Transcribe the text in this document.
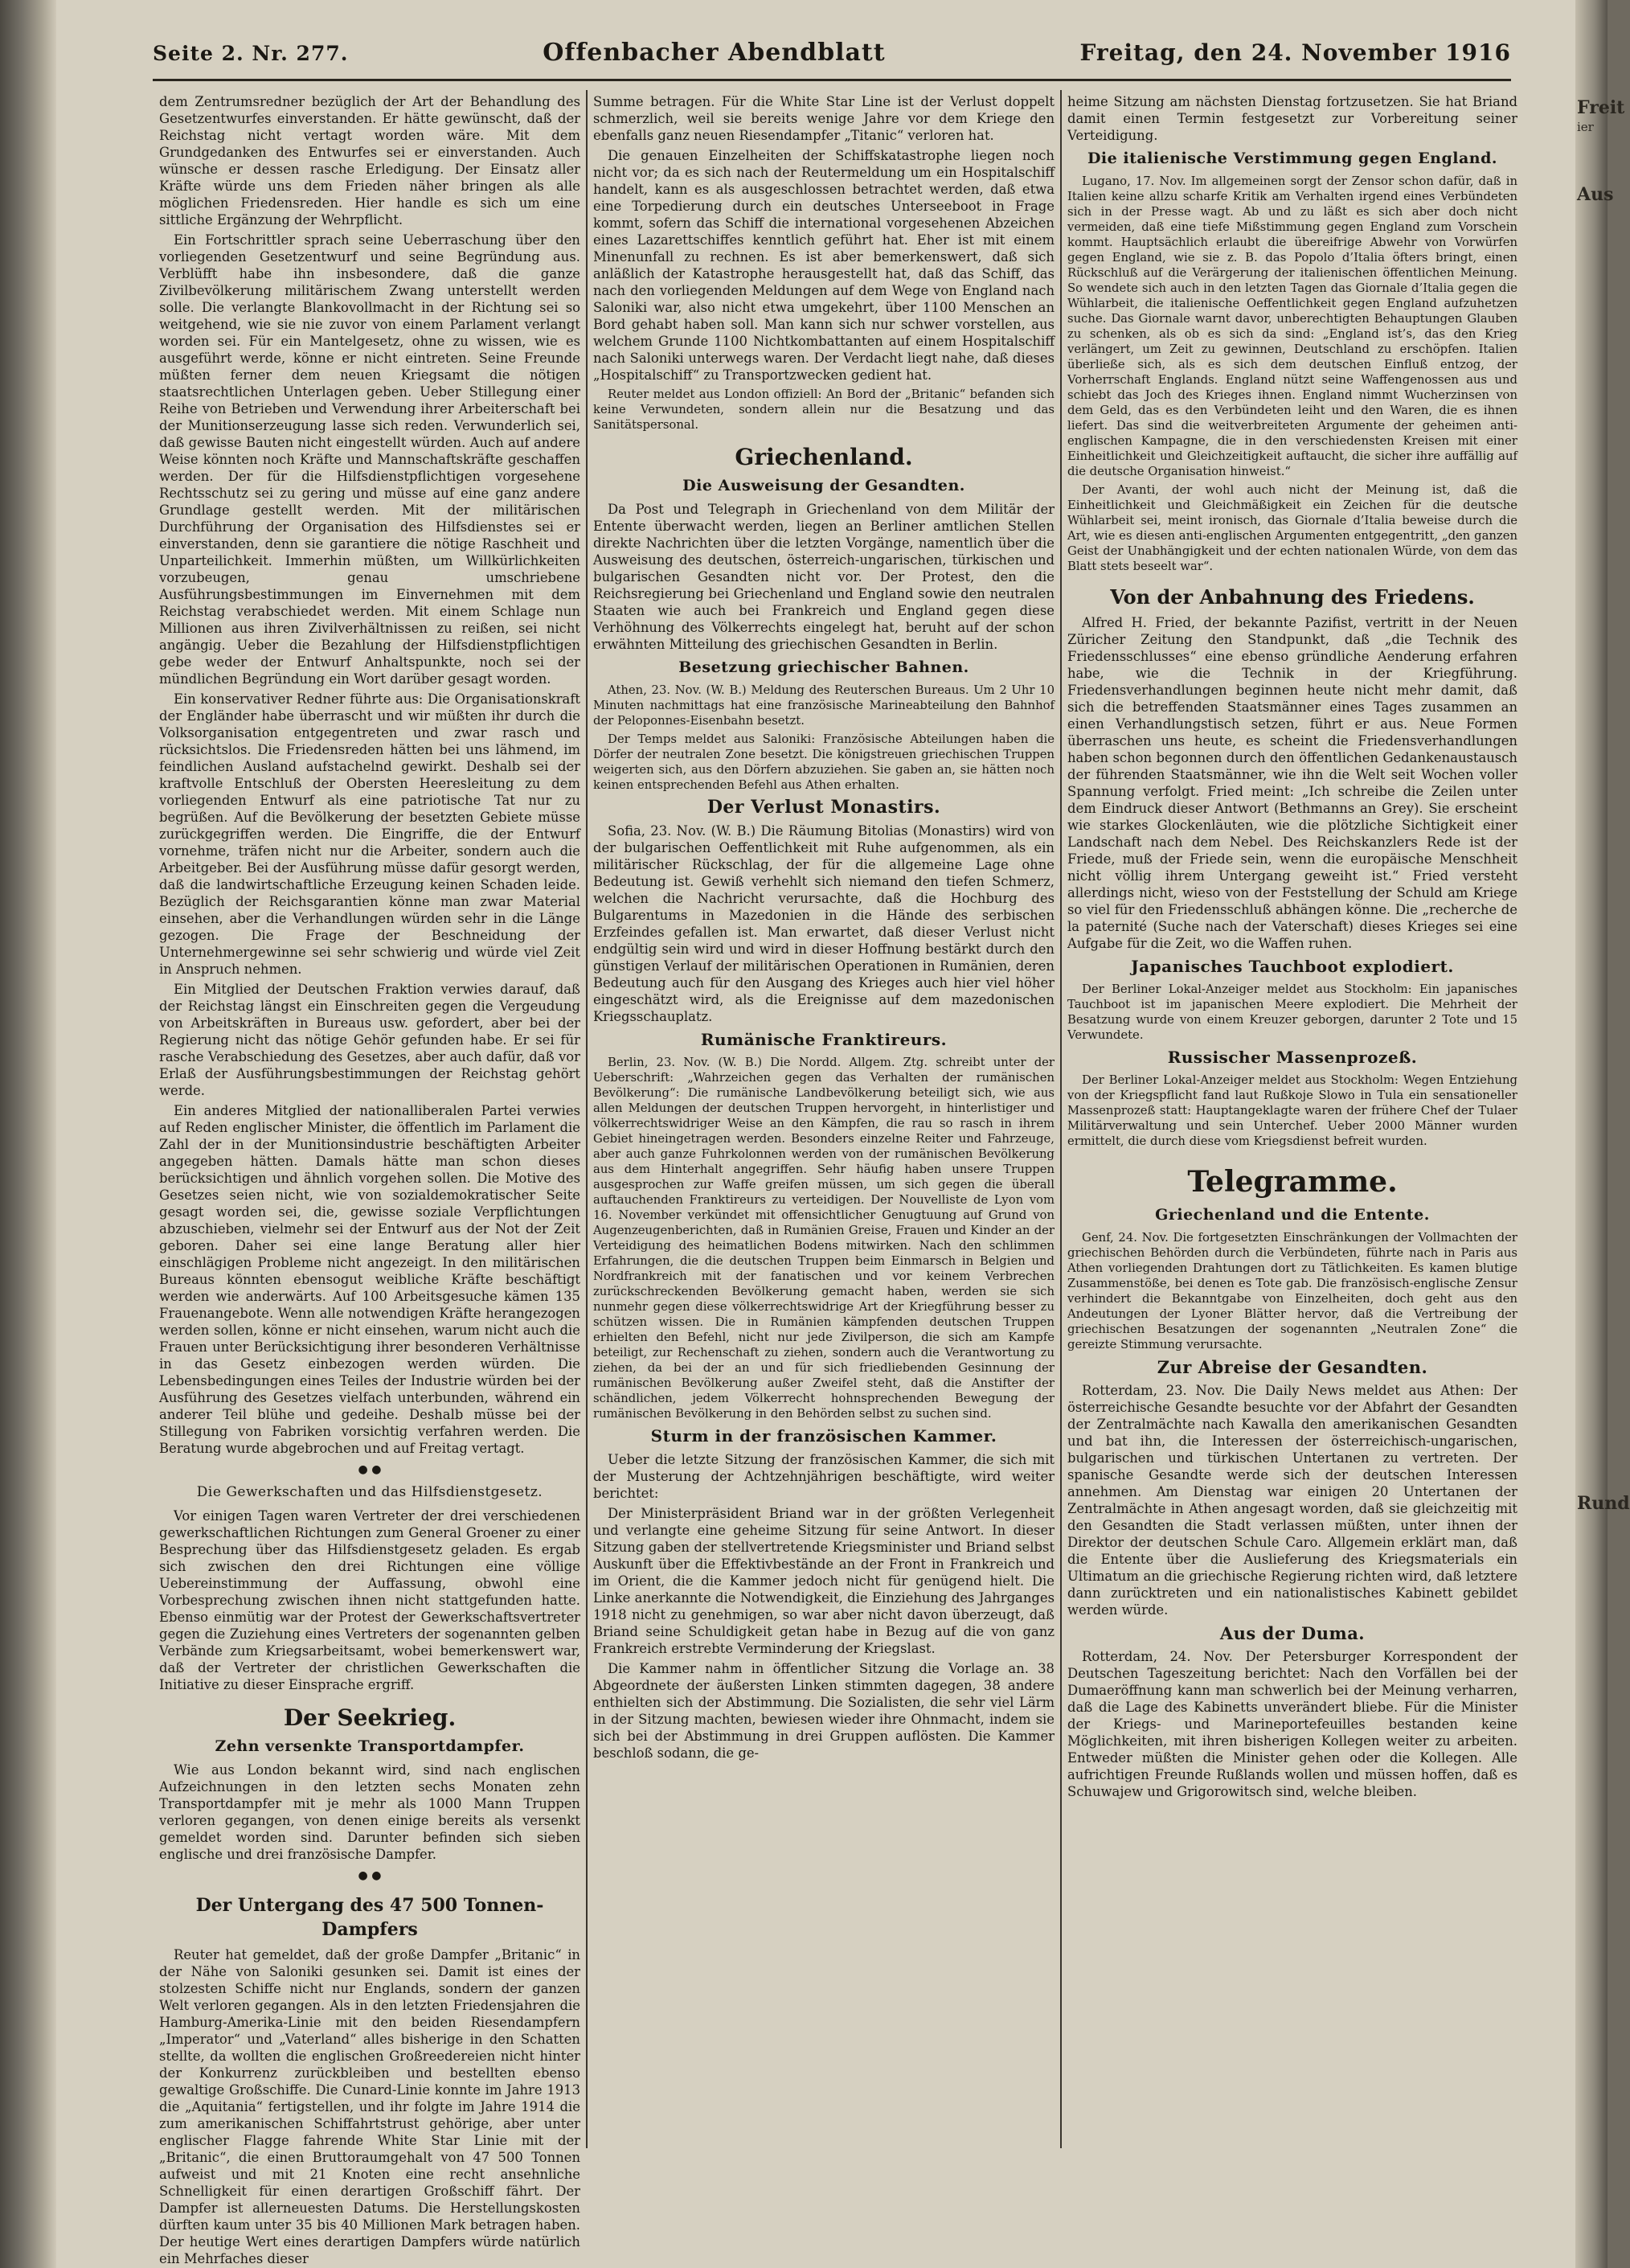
Seite 2. Nr. 277.	Offenbacher Abendblatt	Freitag, den 24. November 1916

dem Zentrumsredner bezüglich der Art der Behandlung des Gesetzentwurfes einverstanden. Er hätte gewünscht, daß der Reichstag nicht vertagt worden wäre. Mit dem Grundgedanken des Entwurfes sei er einverstanden. Auch wünsche er dessen rasche Erledigung. Der Einsatz aller Kräfte würde uns dem Frieden näher bringen als alle möglichen Friedensreden. Hier handle es sich um eine sittliche Ergänzung der Wehrpflicht.

Ein Fortschrittler sprach seine Ueberraschung über den vorliegenden Gesetzentwurf und seine Begründung aus. Verblüfft habe ihn insbesondere, daß die ganze Zivilbevölkerung militärischem Zwang unterstellt werden solle. Die verlangte Blankovollmacht in der Richtung sei so weitgehend, wie sie nie zuvor von einem Parlament verlangt worden sei. Für ein Mantelgesetz, ohne zu wissen, wie es ausgeführt werde, könne er nicht eintreten. Seine Freunde müßten ferner dem neuen Kriegsamt die nötigen staatsrechtlichen Unterlagen geben. Ueber Stillegung einer Reihe von Betrieben und Verwendung ihrer Arbeiterschaft bei der Munitionserzeugung lasse sich reden. Verwunderlich sei, daß gewisse Bauten nicht eingestellt würden. Auch auf andere Weise könnten noch Kräfte und Mannschaftskräfte geschaffen werden. Der für die Hilfsdienstpflichtigen vorgesehene Rechtsschutz sei zu gering und müsse auf eine ganz andere Grundlage gestellt werden. Mit der militärischen Durchführung der Organisation des Hilfsdienstes sei er einverstanden, denn sie garantiere die nötige Raschheit und Unparteilichkeit. Immerhin müßten, um Willkürlichkeiten vorzubeugen, genau umschriebene Ausführungsbestimmungen im Einvernehmen mit dem Reichstag verabschiedet werden. Mit einem Schlage nun Millionen aus ihren Zivilverhältnissen zu reißen, sei nicht angängig. Ueber die Bezahlung der Hilfsdienstpflichtigen gebe weder der Entwurf Anhaltspunkte, noch sei der mündlichen Begründung ein Wort darüber gesagt worden.

Ein konservativer Redner führte aus: Die Organisationskraft der Engländer habe überrascht und wir müßten ihr durch die Volksorganisation entgegentreten und zwar rasch und rücksichtslos. Die Friedensreden hätten bei uns lähmend, im feindlichen Ausland aufstachelnd gewirkt. Deshalb sei der kraftvolle Entschluß der Obersten Heeresleitung zu dem vorliegenden Entwurf als eine patriotische Tat nur zu begrüßen. Auf die Bevölkerung der besetzten Gebiete müsse zurückgegriffen werden. Die Eingriffe, die der Entwurf vornehme, träfen nicht nur die Arbeiter, sondern auch die Arbeitgeber. Bei der Ausführung müsse dafür gesorgt werden, daß die landwirtschaftliche Erzeugung keinen Schaden leide. Bezüglich der Reichsgarantien könne man zwar Material einsehen, aber die Verhandlungen würden sehr in die Länge gezogen. Die Frage der Beschneidung der Unternehmergewinne sei sehr schwierig und würde viel Zeit in Anspruch nehmen.

Ein Mitglied der Deutschen Fraktion verwies darauf, daß der Reichstag längst ein Einschreiten gegen die Vergeudung von Arbeitskräften in Bureaus usw. gefordert, aber bei der Regierung nicht das nötige Gehör gefunden habe. Er sei für rasche Verabschiedung des Gesetzes, aber auch dafür, daß vor Erlaß der Ausführungsbestimmungen der Reichstag gehört werde.

Ein anderes Mitglied der nationalliberalen Partei verwies auf Reden englischer Minister, die öffentlich im Parlament die Zahl der in der Munitionsindustrie beschäftigten Arbeiter angegeben hätten. Damals hätte man schon dieses berücksichtigen und ähnlich vorgehen sollen. Die Motive des Gesetzes seien nicht, wie von sozialdemokratischer Seite gesagt worden sei, die, gewisse soziale Verpflichtungen abzuschieben, vielmehr sei der Entwurf aus der Not der Zeit geboren. Daher sei eine lange Beratung aller hier einschlägigen Probleme nicht angezeigt. In den militärischen Bureaus könnten ebensogut weibliche Kräfte beschäftigt werden wie anderwärts. Auf 100 Arbeitsgesuche kämen 135 Frauenangebote. Wenn alle notwendigen Kräfte herangezogen werden sollen, könne er nicht einsehen, warum nicht auch die Frauen unter Berücksichtigung ihrer besonderen Verhältnisse in das Gesetz einbezogen werden würden. Die Lebensbedingungen eines Teiles der Industrie würden bei der Ausführung des Gesetzes vielfach unterbunden, während ein anderer Teil blühe und gedeihe. Deshalb müsse bei der Stillegung von Fabriken vorsichtig verfahren werden. Die Beratung wurde abgebrochen und auf Freitag vertagt.

● ●
Die Gewerkschaften und das Hilfsdienstgesetz.

Vor einigen Tagen waren Vertreter der drei verschiedenen gewerkschaftlichen Richtungen zum General Groener zu einer Besprechung über das Hilfsdienstgesetz geladen. Es ergab sich zwischen den drei Richtungen eine völlige Uebereinstimmung der Auffassung, obwohl eine Vorbesprechung zwischen ihnen nicht stattgefunden hatte. Ebenso einmütig war der Protest der Gewerkschaftsvertreter gegen die Zuziehung eines Vertreters der sogenannten gelben Verbände zum Kriegsarbeitsamt, wobei bemerkenswert war, daß der Vertreter der christlichen Gewerkschaften die Initiative zu dieser Einsprache ergriff.

Der Seekrieg.
Zehn versenkte Transportdampfer.

Wie aus London bekannt wird, sind nach englischen Aufzeichnungen in den letzten sechs Monaten zehn Transportdampfer mit je mehr als 1000 Mann Truppen verloren gegangen, von denen einige bereits als versenkt gemeldet worden sind. Darunter befinden sich sieben englische und drei französische Dampfer.

● ●
Der Untergang des 47 500 Tonnen-Dampfers

Reuter hat gemeldet, daß der große Dampfer „Britanic“ in der Nähe von Saloniki gesunken sei. Damit ist eines der stolzesten Schiffe nicht nur Englands, sondern der ganzen Welt verloren gegangen. Als in den letzten Friedensjahren die Hamburg-Amerika-Linie mit den beiden Riesendampfern „Imperator“ und „Vaterland“ alles bisherige in den Schatten stellte, da wollten die englischen Großreedereien nicht hinter der Konkurrenz zurückbleiben und bestellten ebenso gewaltige Großschiffe. Die Cunard-Linie konnte im Jahre 1913 die „Aquitania“ fertigstellen, und ihr folgte im Jahre 1914 die zum amerikanischen Schiffahrtstrust gehörige, aber unter englischer Flagge fahrende White Star Linie mit der „Britanic“, die einen Bruttoraumgehalt von 47 500 Tonnen aufweist und mit 21 Knoten eine recht ansehnliche Schnelligkeit für einen derartigen Großschiff fährt. Der Dampfer ist allerneuesten Datums. Die Herstellungskosten dürften kaum unter 35 bis 40 Millionen Mark betragen haben. Der heutige Wert eines derartigen Dampfers würde natürlich ein Mehrfaches dieser

Summe betragen. Für die White Star Line ist der Verlust doppelt schmerzlich, weil sie bereits wenige Jahre vor dem Kriege den ebenfalls ganz neuen Riesendampfer „Titanic“ verloren hat.

Die genauen Einzelheiten der Schiffskatastrophe liegen noch nicht vor; da es sich nach der Reutermeldung um ein Hospitalschiff handelt, kann es als ausgeschlossen betrachtet werden, daß etwa eine Torpedierung durch ein deutsches Unterseeboot in Frage kommt, sofern das Schiff die international vorgesehenen Abzeichen eines Lazarettschiffes kenntlich geführt hat. Eher ist mit einem Minenunfall zu rechnen. Es ist aber bemerkenswert, daß sich anläßlich der Katastrophe herausgestellt hat, daß das Schiff, das nach den vorliegenden Meldungen auf dem Wege von England nach Saloniki war, also nicht etwa umgekehrt, über 1100 Menschen an Bord gehabt haben soll. Man kann sich nur schwer vorstellen, aus welchem Grunde 1100 Nichtkombattanten auf einem Hospitalschiff nach Saloniki unterwegs waren. Der Verdacht liegt nahe, daß dieses „Hospitalschiff“ zu Transportzwecken gedient hat.

Reuter meldet aus London offiziell: An Bord der „Britanic“ befanden sich keine Verwundeten, sondern allein nur die Besatzung und das Sanitätspersonal.

Griechenland.
Die Ausweisung der Gesandten.

Da Post und Telegraph in Griechenland von dem Militär der Entente überwacht werden, liegen an Berliner amtlichen Stellen direkte Nachrichten über die letzten Vorgänge, namentlich über die Ausweisung des deutschen, österreich-ungarischen, türkischen und bulgarischen Gesandten nicht vor. Der Protest, den die Reichsregierung bei Griechenland und England sowie den neutralen Staaten wie auch bei Frankreich und England gegen diese Verhöhnung des Völkerrechts eingelegt hat, beruht auf der schon erwähnten Mitteilung des griechischen Gesandten in Berlin.

Besetzung griechischer Bahnen.

Athen, 23. Nov. (W. B.) Meldung des Reuterschen Bureaus. Um 2 Uhr 10 Minuten nachmittags hat eine französische Marineabteilung den Bahnhof der Peloponnes-Eisenbahn besetzt.

Der Temps meldet aus Saloniki: Französische Abteilungen haben die Dörfer der neutralen Zone besetzt. Die königstreuen griechischen Truppen weigerten sich, aus den Dörfern abzuziehen. Sie gaben an, sie hätten noch keinen entsprechenden Befehl aus Athen erhalten.

Der Verlust Monastirs.

Sofia, 23. Nov. (W. B.) Die Räumung Bitolias (Monastirs) wird von der bulgarischen Oeffentlichkeit mit Ruhe aufgenommen, als ein militärischer Rückschlag, der für die allgemeine Lage ohne Bedeutung ist. Gewiß verhehlt sich niemand den tiefen Schmerz, welchen die Nachricht verursachte, daß die Hochburg des Bulgarentums in Mazedonien in die Hände des serbischen Erzfeindes gefallen ist. Man erwartet, daß dieser Verlust nicht endgültig sein wird und wird in dieser Hoffnung bestärkt durch den günstigen Verlauf der militärischen Operationen in Rumänien, deren Bedeutung auch für den Ausgang des Krieges auch hier viel höher eingeschätzt wird, als die Ereignisse auf dem mazedonischen Kriegsschauplatz.

Rumänische Franktireurs.

Berlin, 23. Nov. (W. B.) Die Nordd. Allgem. Ztg. schreibt unter der Ueberschrift: „Wahrzeichen gegen das Verhalten der rumänischen Bevölkerung“: Die rumänische Landbevölkerung beteiligt sich, wie aus allen Meldungen der deutschen Truppen hervorgeht, in hinterlistiger und völkerrechtswidriger Weise an den Kämpfen, die rau so rasch in ihrem Gebiet hineingetragen werden. Besonders einzelne Reiter und Fahrzeuge, aber auch ganze Fuhrkolonnen werden von der rumänischen Bevölkerung aus dem Hinterhalt angegriffen. Sehr häufig haben unsere Truppen ausgesprochen zur Waffe greifen müssen, um sich gegen die überall auftauchenden Franktireurs zu verteidigen. Der Nouvelliste de Lyon vom 16. November verkündet mit offensichtlicher Genugtuung auf Grund von Augenzeugenberichten, daß in Rumänien Greise, Frauen und Kinder an der Verteidigung des heimatlichen Bodens mitwirken. Nach den schlimmen Erfahrungen, die die deutschen Truppen beim Einmarsch in Belgien und Nordfrankreich mit der fanatischen und vor keinem Verbrechen zurückschreckenden Bevölkerung gemacht haben, werden sie sich nunmehr gegen diese völkerrechtswidrige Art der Kriegführung besser zu schützen wissen. Die in Rumänien kämpfenden deutschen Truppen erhielten den Befehl, nicht nur jede Zivilperson, die sich am Kampfe beteiligt, zur Rechenschaft zu ziehen, sondern auch die Verantwortung zu ziehen, da bei der an und für sich friedliebenden Gesinnung der rumänischen Bevölkerung außer Zweifel steht, daß die Anstifter der schändlichen, jedem Völkerrecht hohnsprechenden Bewegung der rumänischen Bevölkerung in den Behörden selbst zu suchen sind.

Sturm in der französischen Kammer.

Ueber die letzte Sitzung der französischen Kammer, die sich mit der Musterung der Achtzehnjährigen beschäftigte, wird weiter berichtet:

Der Ministerpräsident Briand war in der größten Verlegenheit und verlangte eine geheime Sitzung für seine Antwort. In dieser Sitzung gaben der stellvertretende Kriegsminister und Briand selbst Auskunft über die Effektivbestände an der Front in Frankreich und im Orient, die die Kammer jedoch nicht für genügend hielt. Die Linke anerkannte die Notwendigkeit, die Einziehung des Jahrganges 1918 nicht zu genehmigen, so war aber nicht davon überzeugt, daß Briand seine Schuldigkeit getan habe in Bezug auf die von ganz Frankreich erstrebte Verminderung der Kriegslast.

Die Kammer nahm in öffentlicher Sitzung die Vorlage an. 38 Abgeordnete der äußersten Linken stimmten dagegen, 38 andere enthielten sich der Abstimmung. Die Sozialisten, die sehr viel Lärm in der Sitzung machten, bewiesen wieder ihre Ohnmacht, indem sie sich bei der Abstimmung in drei Gruppen auflösten. Die Kammer beschloß sodann, die ge-

heime Sitzung am nächsten Dienstag fortzusetzen. Sie hat Briand damit einen Termin festgesetzt zur Vorbereitung seiner Verteidigung.

Die italienische Verstimmung gegen England.

Lugano, 17. Nov. Im allgemeinen sorgt der Zensor schon dafür, daß in Italien keine allzu scharfe Kritik am Verhalten irgend eines Verbündeten sich in der Presse wagt. Ab und zu läßt es sich aber doch nicht vermeiden, daß eine tiefe Mißstimmung gegen England zum Vorschein kommt. Hauptsächlich erlaubt die übereifrige Abwehr von Vorwürfen gegen England, wie sie z. B. das Popolo d’Italia öfters bringt, einen Rückschluß auf die Verärgerung der italienischen öffentlichen Meinung. So wendete sich auch in den letzten Tagen das Giornale d’Italia gegen die Wühlarbeit, die italienische Oeffentlichkeit gegen England aufzuhetzen suche. Das Giornale warnt davor, unberechtigten Behauptungen Glauben zu schenken, als ob es sich da sind: „England ist’s, das den Krieg verlängert, um Zeit zu gewinnen, Deutschland zu erschöpfen. Italien überließe sich, als es sich dem deutschen Einfluß entzog, der Vorherrschaft Englands. England nützt seine Waffengenossen aus und schiebt das Joch des Krieges ihnen. England nimmt Wucherzinsen von dem Geld, das es den Verbündeten leiht und den Waren, die es ihnen liefert. Das sind die weitverbreiteten Argumente der geheimen anti-englischen Kampagne, die in den verschiedensten Kreisen mit einer Einheitlichkeit und Gleichzeitigkeit auftaucht, die sicher ihre auffällig auf die deutsche Organisation hinweist.“

Der Avanti, der wohl auch nicht der Meinung ist, daß die Einheitlichkeit und Gleichmäßigkeit ein Zeichen für die deutsche Wühlarbeit sei, meint ironisch, das Giornale d’Italia beweise durch die Art, wie es diesen anti-englischen Argumenten entgegentritt, „den ganzen Geist der Unabhängigkeit und der echten nationalen Würde, von dem das Blatt stets beseelt war“.

Von der Anbahnung des Friedens.

Alfred H. Fried, der bekannte Pazifist, vertritt in der Neuen Züricher Zeitung den Standpunkt, daß „die Technik des Friedensschlusses“ eine ebenso gründliche Aenderung erfahren habe, wie die Technik in der Kriegführung. Friedensverhandlungen beginnen heute nicht mehr damit, daß sich die betreffenden Staatsmänner eines Tages zusammen an einen Verhandlungstisch setzen, führt er aus. Neue Formen überraschen uns heute, es scheint die Friedensverhandlungen haben schon begonnen durch den öffentlichen Gedankenaustausch der führenden Staatsmänner, wie ihn die Welt seit Wochen voller Spannung verfolgt. Fried meint: „Ich schreibe die Zeilen unter dem Eindruck dieser Antwort (Bethmanns an Grey). Sie erscheint wie starkes Glockenläuten, wie die plötzliche Sichtigkeit einer Landschaft nach dem Nebel. Des Reichskanzlers Rede ist der Friede, muß der Friede sein, wenn die europäische Menschheit nicht völlig ihrem Untergang geweiht ist.“ Fried versteht allerdings nicht, wieso von der Feststellung der Schuld am Kriege so viel für den Friedensschluß abhängen könne. Die „recherche de la paternité (Suche nach der Vaterschaft) dieses Krieges sei eine Aufgabe für die Zeit, wo die Waffen ruhen.

Japanisches Tauchboot explodiert.

Der Berliner Lokal-Anzeiger meldet aus Stockholm: Ein japanisches Tauchboot ist im japanischen Meere explodiert. Die Mehrheit der Besatzung wurde von einem Kreuzer geborgen, darunter 2 Tote und 15 Verwundete.

Russischer Massenprozeß.

Der Berliner Lokal-Anzeiger meldet aus Stockholm: Wegen Entziehung von der Kriegspflicht fand laut Rußkoje Slowo in Tula ein sensationeller Massenprozeß statt: Hauptangeklagte waren der frühere Chef der Tulaer Militärverwaltung und sein Unterchef. Ueber 2000 Männer wurden ermittelt, die durch diese vom Kriegsdienst befreit wurden.

Telegramme.
Griechenland und die Entente.

Genf, 24. Nov. Die fortgesetzten Einschränkungen der Vollmachten der griechischen Behörden durch die Verbündeten, führte nach in Paris aus Athen vorliegenden Drahtungen dort zu Tätlichkeiten. Es kamen blutige Zusammenstöße, bei denen es Tote gab. Die französisch-englische Zensur verhindert die Bekanntgabe von Einzelheiten, doch geht aus den Andeutungen der Lyoner Blätter hervor, daß die Vertreibung der griechischen Besatzungen der sogenannten „Neutralen Zone“ die gereizte Stimmung verursachte.

Zur Abreise der Gesandten.

Rotterdam, 23. Nov. Die Daily News meldet aus Athen: Der österreichische Gesandte besuchte vor der Abfahrt der Gesandten der Zentralmächte nach Kawalla den amerikanischen Gesandten und bat ihn, die Interessen der österreichisch-ungarischen, bulgarischen und türkischen Untertanen zu vertreten. Der spanische Gesandte werde sich der deutschen Interessen annehmen. Am Dienstag war einigen 20 Untertanen der Zentralmächte in Athen angesagt worden, daß sie gleichzeitig mit den Gesandten die Stadt verlassen müßten, unter ihnen der Direktor der deutschen Schule Caro. Allgemein erklärt man, daß die Entente über die Auslieferung des Kriegsmaterials ein Ultimatum an die griechische Regierung richten wird, daß letztere dann zurücktreten und ein nationalistisches Kabinett gebildet werden würde.

Aus der Duma.

Rotterdam, 24. Nov. Der Petersburger Korrespondent der Deutschen Tageszeitung berichtet: Nach den Vorfällen bei der Dumaeröffnung kann man schwerlich bei der Meinung verharren, daß die Lage des Kabinetts unverändert bliebe. Für die Minister der Kriegs- und Marineportefeuilles bestanden keine Möglichkeiten, mit ihren bisherigen Kollegen weiter zu arbeiten. Entweder müßten die Minister gehen oder die Kollegen. Alle aufrichtigen Freunde Rußlands wollen und müssen hoffen, daß es Schuwajew und Grigorowitsch sind, welche bleiben.

Freit
ier
Aus
Rund
